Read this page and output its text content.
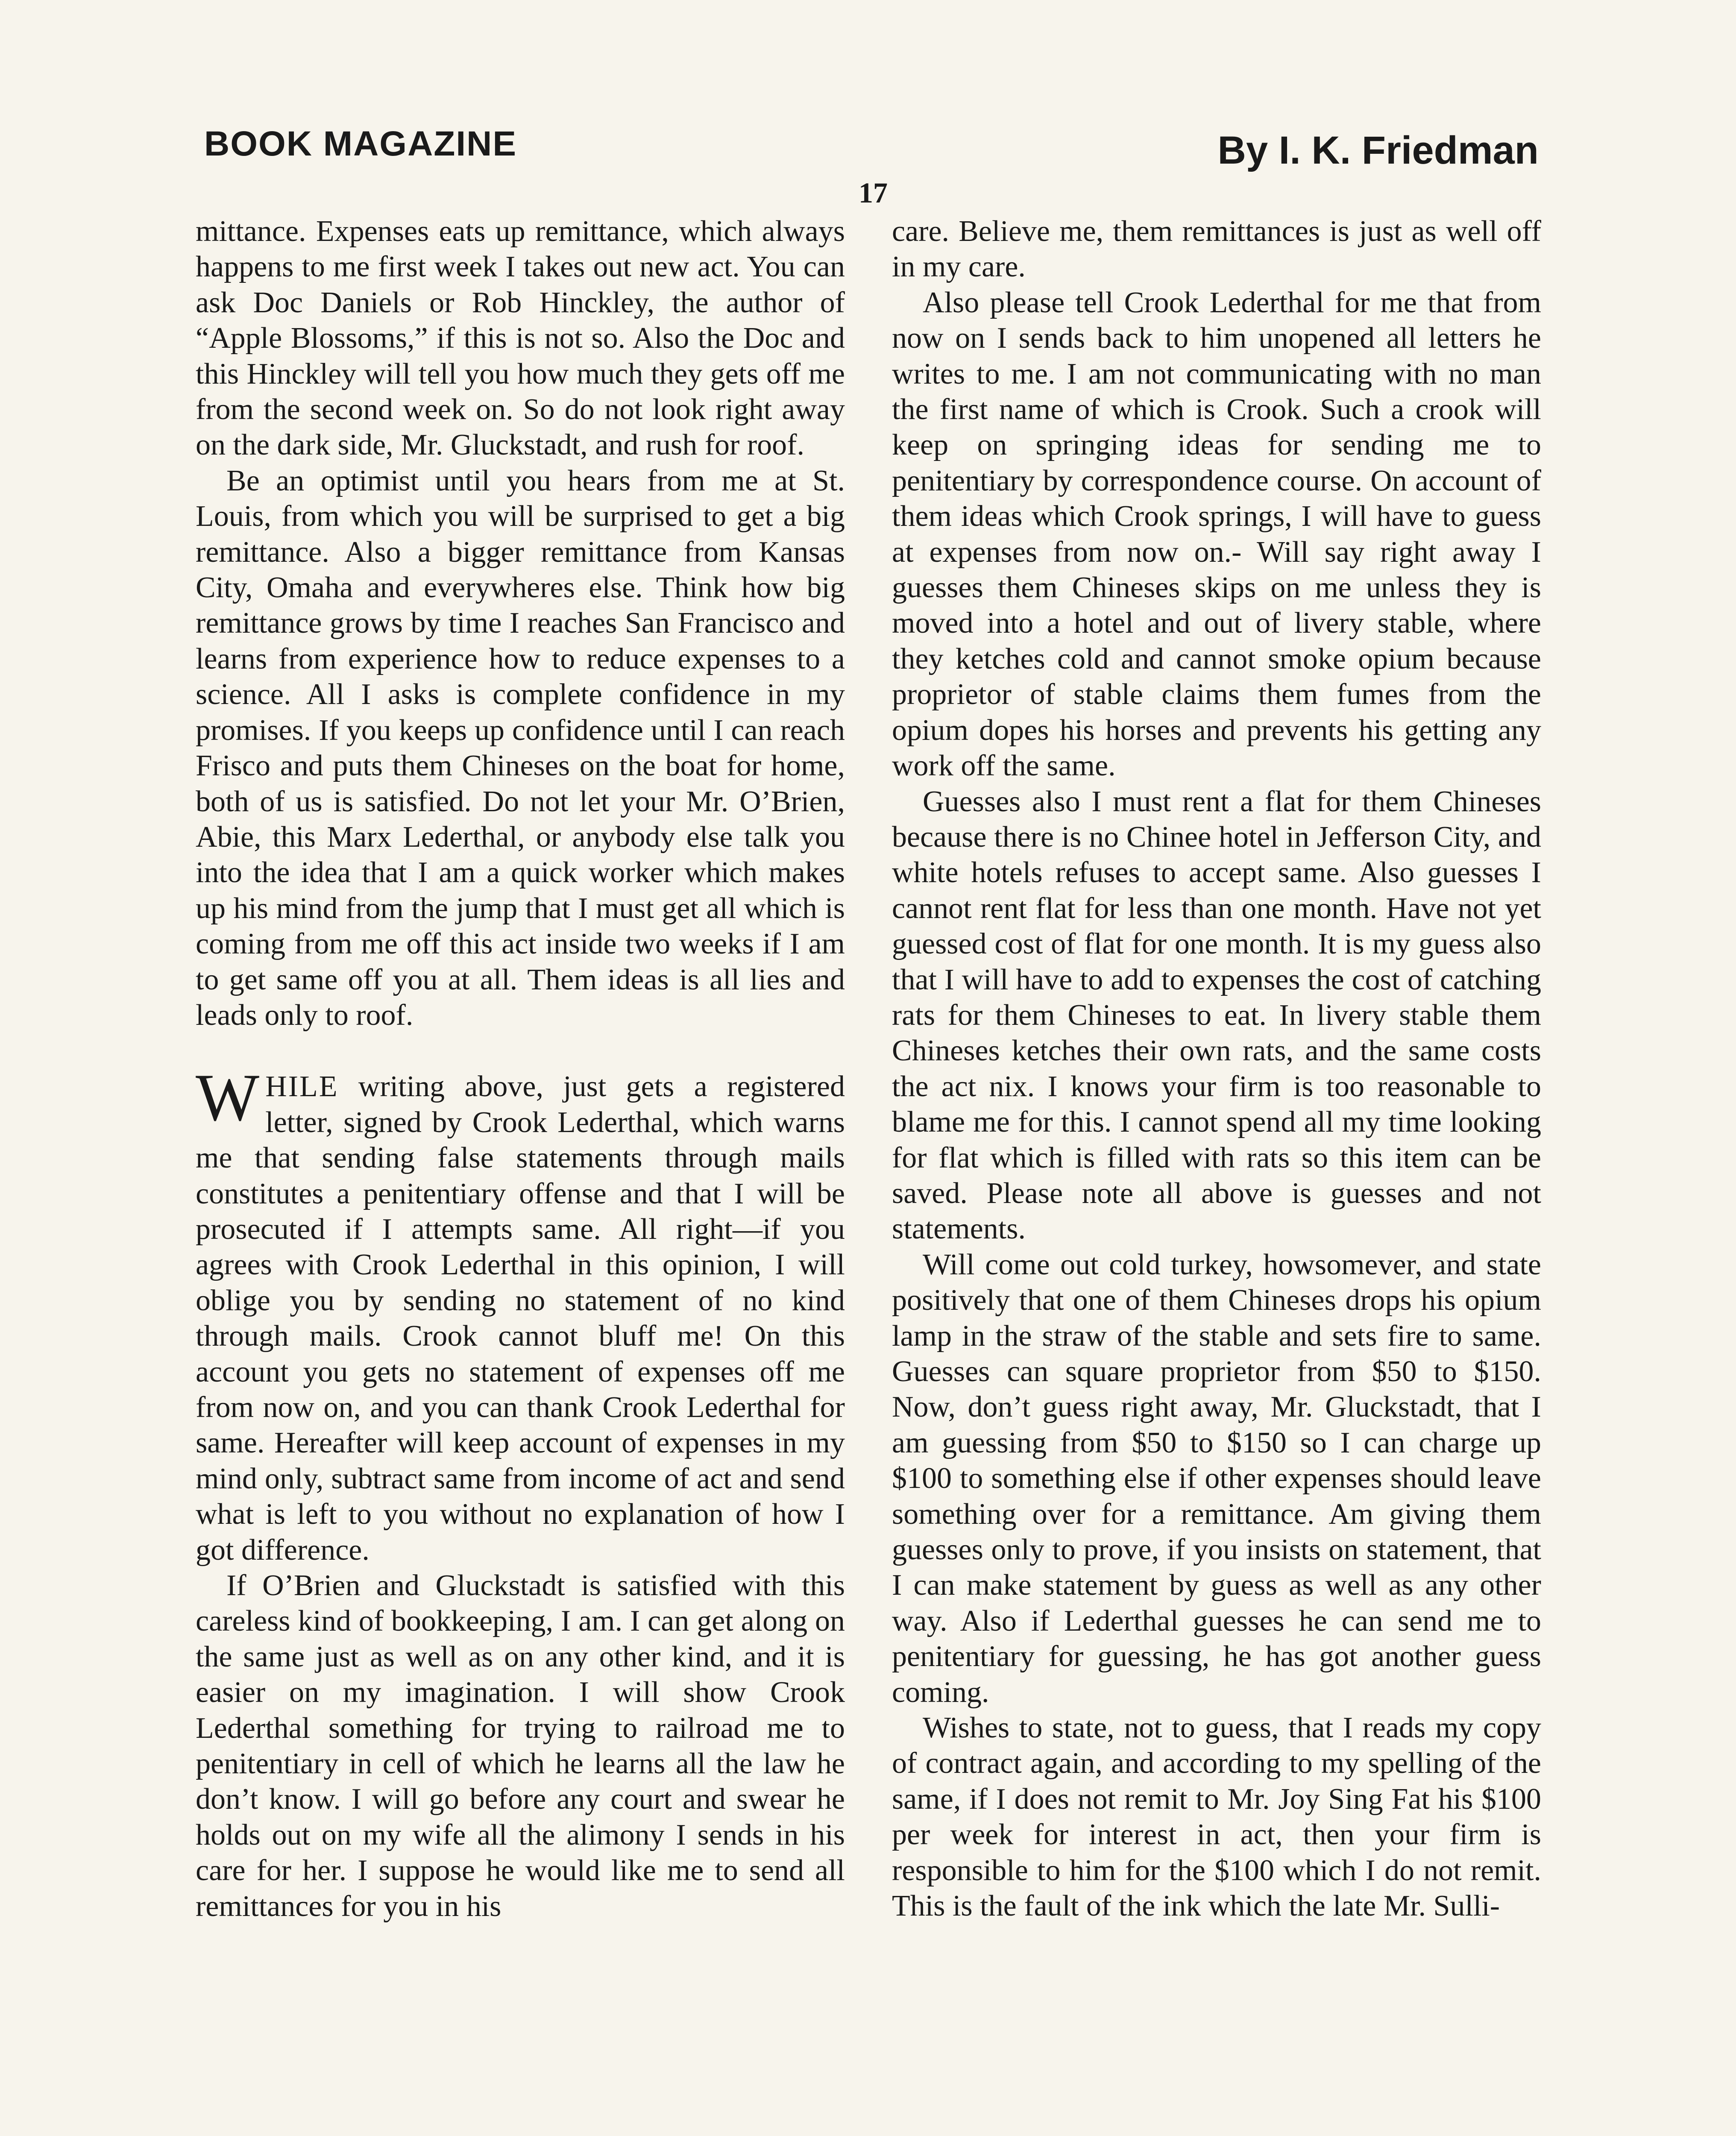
BOOK MAGAZINE	By I. K. Friedman
17

mittance. Expenses eats up remittance, which always happens to me first week I takes out new act. You can ask Doc Daniels or Rob Hinckley, the author of “Apple Blossoms,” if this is not so. Also the Doc and this Hinckley will tell you how much they gets off me from the second week on. So do not look right away on the dark side, Mr. Gluckstadt, and rush for roof.

Be an optimist until you hears from me at St. Louis, from which you will be surprised to get a big remittance. Also a bigger remittance from Kansas City, Omaha and everywheres else. Think how big remittance grows by time I reaches San Francisco and learns from experience how to reduce expenses to a science. All I asks is complete confidence in my promises. If you keeps up confidence until I can reach Frisco and puts them Chineses on the boat for home, both of us is satisfied. Do not let your Mr. O’Brien, Abie, this Marx Lederthal, or anybody else talk you into the idea that I am a quick worker which makes up his mind from the jump that I must get all which is coming from me off this act inside two weeks if I am to get same off you at all. Them ideas is all lies and leads only to roof.

WHILE writing above, just gets a registered letter, signed by Crook Lederthal, which warns me that sending false statements through mails constitutes a penitentiary offense and that I will be prosecuted if I attempts same. All right—if you agrees with Crook Lederthal in this opinion, I will oblige you by sending no statement of no kind through mails. Crook cannot bluff me! On this account you gets no statement of expenses off me from now on, and you can thank Crook Lederthal for same. Hereafter will keep account of expenses in my mind only, subtract same from income of act and send what is left to you without no explanation of how I got difference.

If O’Brien and Gluckstadt is satisfied with this careless kind of bookkeeping, I am. I can get along on the same just as well as on any other kind, and it is easier on my imagination. I will show Crook Lederthal something for trying to railroad me to penitentiary in cell of which he learns all the law he don’t know. I will go before any court and swear he holds out on my wife all the alimony I sends in his care for her. I suppose he would like me to send all remittances for you in his

care. Believe me, them remittances is just as well off in my care.

Also please tell Crook Lederthal for me that from now on I sends back to him unopened all letters he writes to me. I am not communicating with no man the first name of which is Crook. Such a crook will keep on springing ideas for sending me to penitentiary by correspondence course. On account of them ideas which Crook springs, I will have to guess at expenses from now on.- Will say right away I guesses them Chineses skips on me unless they is moved into a hotel and out of livery stable, where they ketches cold and cannot smoke opium because proprietor of stable claims them fumes from the opium dopes his horses and prevents his getting any work off the same.

Guesses also I must rent a flat for them Chineses because there is no Chinee hotel in Jefferson City, and white hotels refuses to accept same. Also guesses I cannot rent flat for less than one month. Have not yet guessed cost of flat for one month. It is my guess also that I will have to add to expenses the cost of catching rats for them Chineses to eat. In livery stable them Chineses ketches their own rats, and the same costs the act nix. I knows your firm is too reasonable to blame me for this. I cannot spend all my time looking for flat which is filled with rats so this item can be saved. Please note all above is guesses and not statements.

Will come out cold turkey, howsomever, and state positively that one of them Chineses drops his opium lamp in the straw of the stable and sets fire to same. Guesses can square proprietor from $50 to $150. Now, don’t guess right away, Mr. Gluckstadt, that I am guessing from $50 to $150 so I can charge up $100 to something else if other expenses should leave something over for a remittance. Am giving them guesses only to prove, if you insists on statement, that I can make statement by guess as well as any other way. Also if Lederthal guesses he can send me to penitentiary for guessing, he has got another guess coming.

Wishes to state, not to guess, that I reads my copy of contract again, and according to my spelling of the same, if I does not remit to Mr. Joy Sing Fat his $100 per week for interest in act, then your firm is responsible to him for the $100 which I do not remit. This is the fault of the ink which the late Mr. Sulli-
